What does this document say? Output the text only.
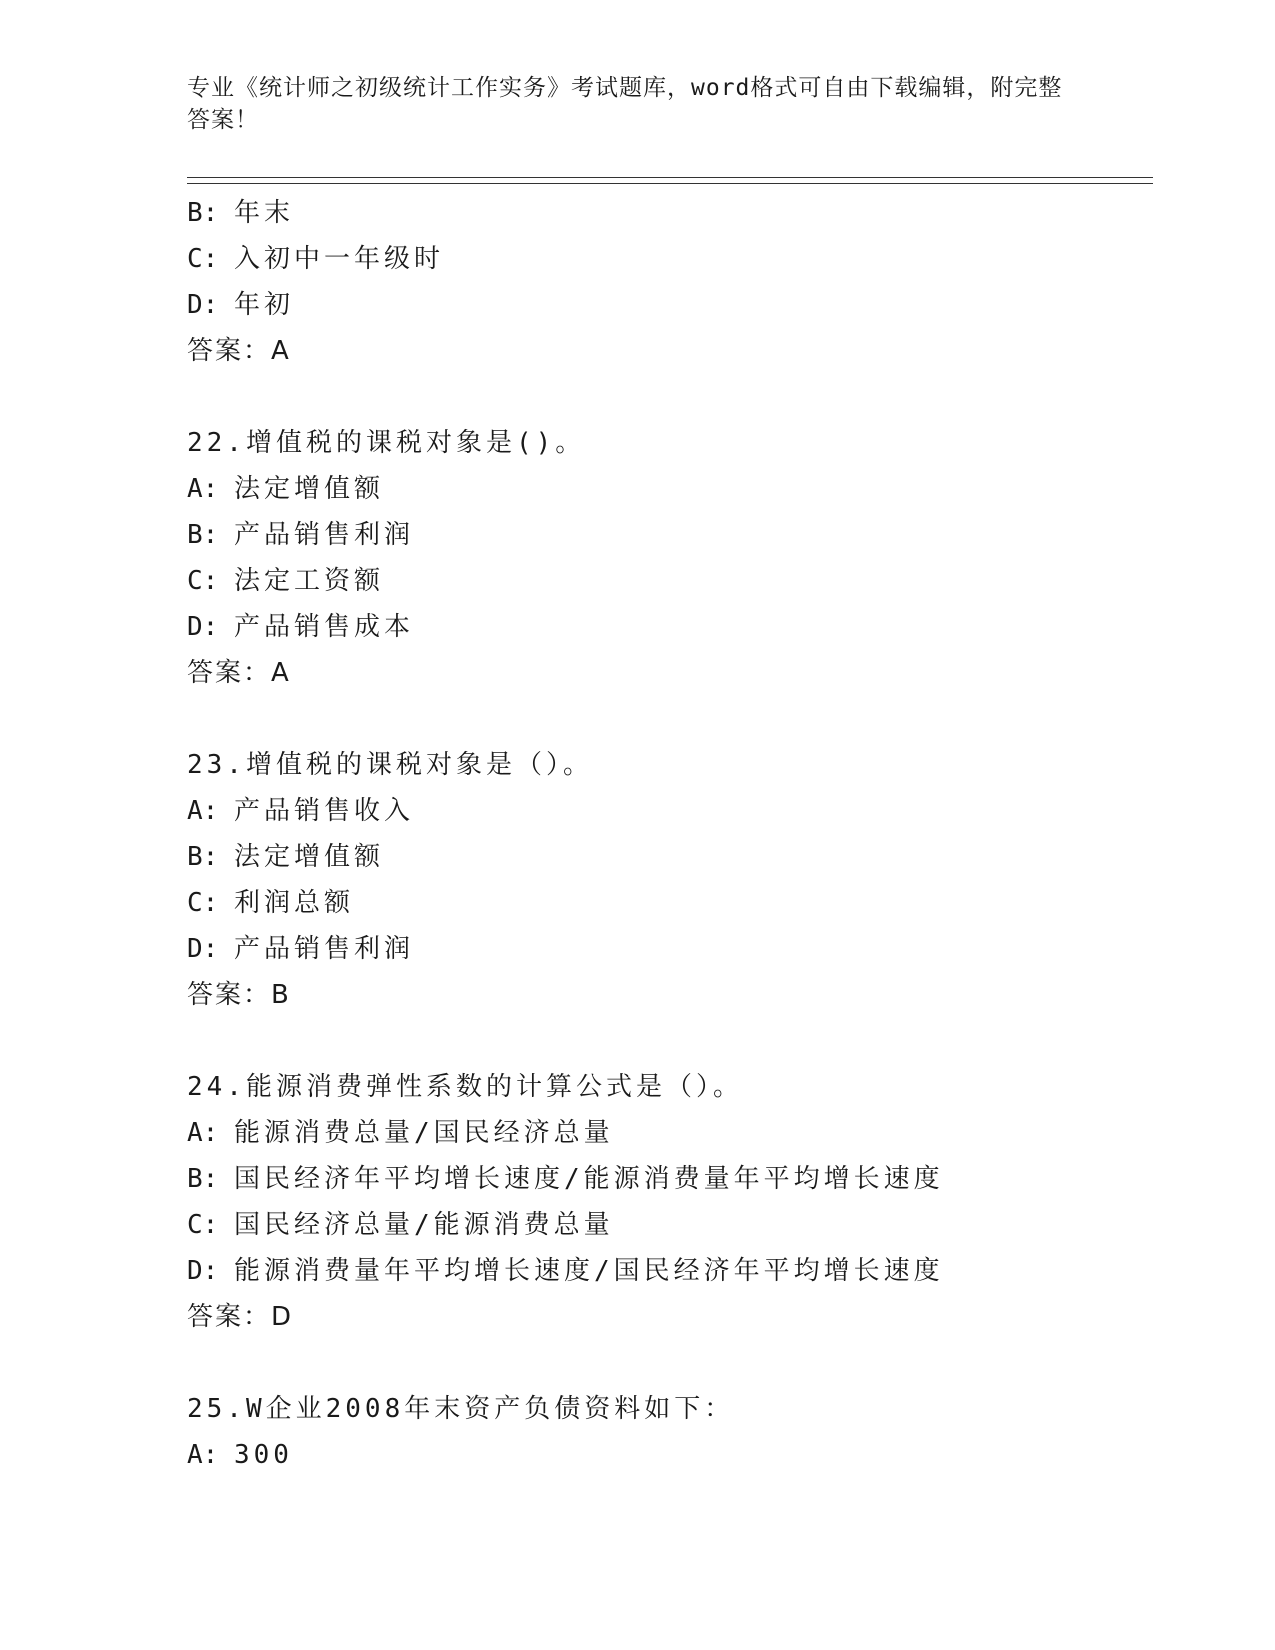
专业《统计师之初级统计工作实务》考试题库，word格式可自由下载编辑，附完整答案！
B: 年末
C: 入初中一年级时
D: 年初
答案：A
22.增值税的课税对象是()。
A: 法定增值额
B: 产品销售利润
C: 法定工资额
D: 产品销售成本
答案：A
23.增值税的课税对象是（）。
A: 产品销售收入
B: 法定增值额
C: 利润总额
D: 产品销售利润
答案：B
24.能源消费弹性系数的计算公式是（）。
A: 能源消费总量/国民经济总量
B: 国民经济年平均增长速度/能源消费量年平均增长速度
C: 国民经济总量/能源消费总量
D: 能源消费量年平均增长速度/国民经济年平均增长速度
答案：D
25.W企业2008年末资产负债资料如下：
A: 300
